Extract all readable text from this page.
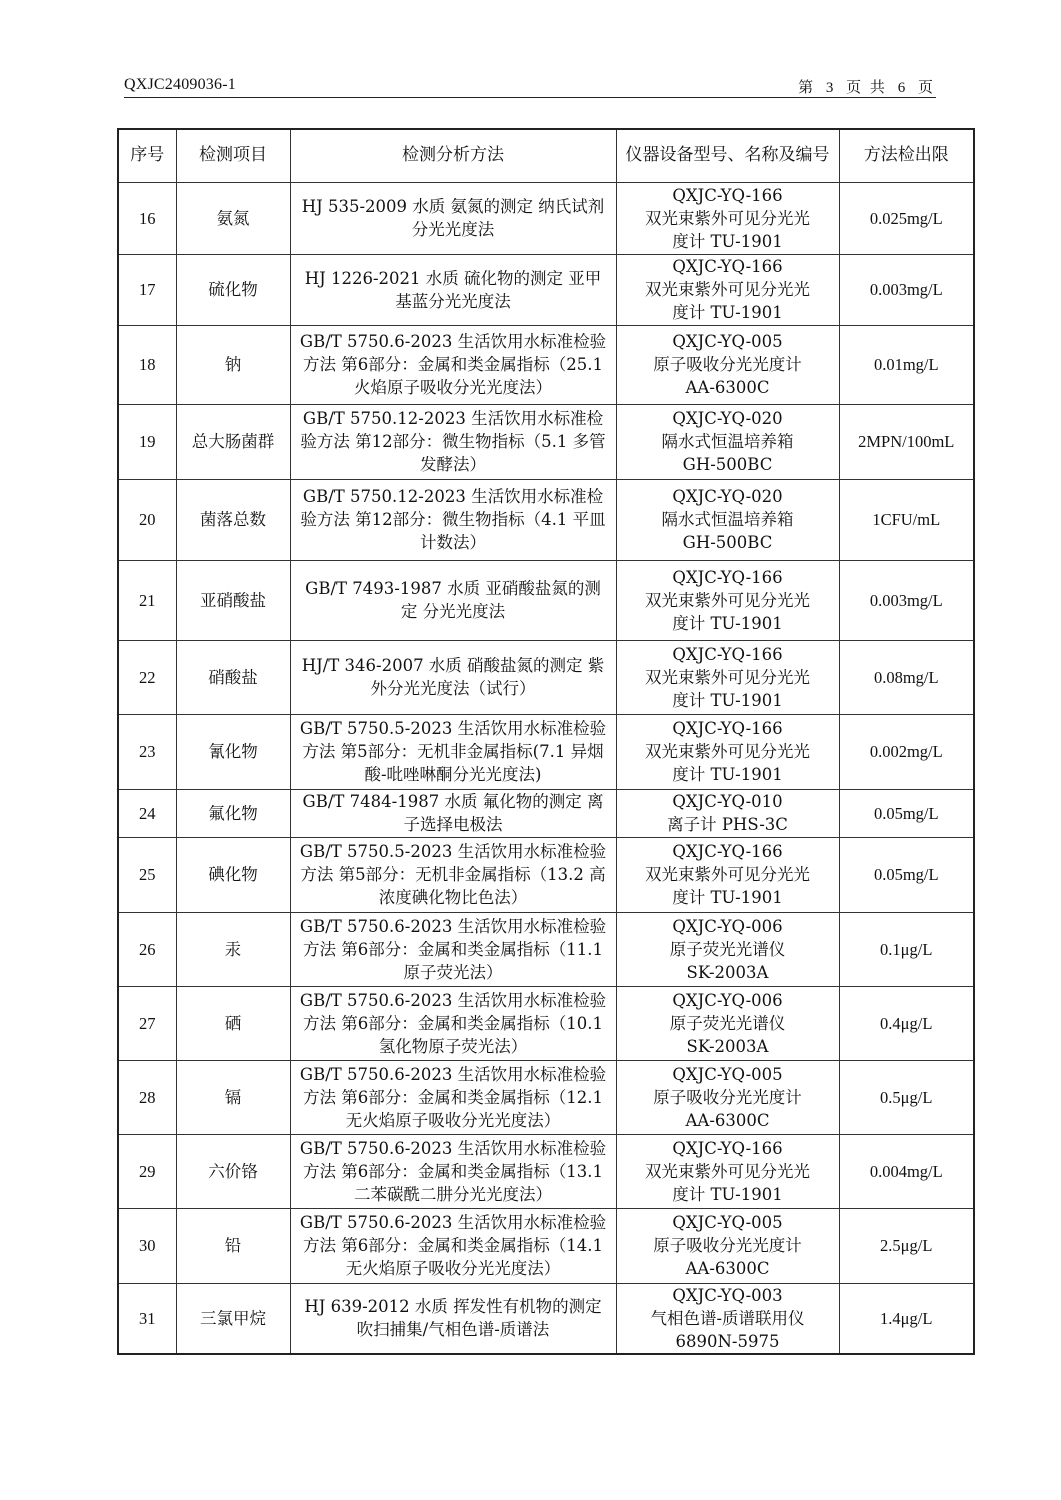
QXJC2409036-1	第 3 页 共 6 页
序号	检测项目	检测分析方法	仪器设备型号、名称及编号	方法检出限
16	氨氮	HJ 535-2009 水质 氨氮的测定 纳氏试剂分光光度法	QXJC-YQ-166
双光束紫外可见分光光
度计 TU-1901	0.025mg/L
17	硫化物	HJ 1226-2021 水质 硫化物的测定 亚甲基蓝分光光度法	QXJC-YQ-166
双光束紫外可见分光光
度计 TU-1901	0.003mg/L
18	钠	GB/T 5750.6-2023 生活饮用水标准检验方法 第6部分：金属和类金属指标（25.1 火焰原子吸收分光光度法）	QXJC-YQ-005
原子吸收分光光度计
AA-6300C	0.01mg/L
19	总大肠菌群	GB/T 5750.12-2023 生活饮用水标准检验方法 第12部分：微生物指标（5.1 多管发酵法）	QXJC-YQ-020
隔水式恒温培养箱
GH-500BC	2MPN/100mL
20	菌落总数	GB/T 5750.12-2023 生活饮用水标准检验方法 第12部分：微生物指标（4.1 平皿计数法）	QXJC-YQ-020
隔水式恒温培养箱
GH-500BC	1CFU/mL
21	亚硝酸盐	GB/T 7493-1987 水质 亚硝酸盐氮的测定 分光光度法	QXJC-YQ-166
双光束紫外可见分光光
度计 TU-1901	0.003mg/L
22	硝酸盐	HJ/T 346-2007 水质 硝酸盐氮的测定 紫外分光光度法（试行）	QXJC-YQ-166
双光束紫外可见分光光
度计 TU-1901	0.08mg/L
23	氰化物	GB/T 5750.5-2023 生活饮用水标准检验方法 第5部分：无机非金属指标(7.1 异烟酸-吡唑啉酮分光光度法)	QXJC-YQ-166
双光束紫外可见分光光
度计 TU-1901	0.002mg/L
24	氟化物	GB/T 7484-1987 水质 氟化物的测定 离子选择电极法	QXJC-YQ-010
离子计 PHS-3C	0.05mg/L
25	碘化物	GB/T 5750.5-2023 生活饮用水标准检验方法 第5部分：无机非金属指标（13.2 高浓度碘化物比色法）	QXJC-YQ-166
双光束紫外可见分光光
度计 TU-1901	0.05mg/L
26	汞	GB/T 5750.6-2023 生活饮用水标准检验方法 第6部分：金属和类金属指标（11.1 原子荧光法）	QXJC-YQ-006
原子荧光光谱仪
SK-2003A	0.1μg/L
27	硒	GB/T 5750.6-2023 生活饮用水标准检验方法 第6部分：金属和类金属指标（10.1 氢化物原子荧光法）	QXJC-YQ-006
原子荧光光谱仪
SK-2003A	0.4μg/L
28	镉	GB/T 5750.6-2023 生活饮用水标准检验方法 第6部分：金属和类金属指标（12.1 无火焰原子吸收分光光度法）	QXJC-YQ-005
原子吸收分光光度计
AA-6300C	0.5μg/L
29	六价铬	GB/T 5750.6-2023 生活饮用水标准检验方法 第6部分：金属和类金属指标（13.1 二苯碳酰二肼分光光度法）	QXJC-YQ-166
双光束紫外可见分光光
度计 TU-1901	0.004mg/L
30	铅	GB/T 5750.6-2023 生活饮用水标准检验方法 第6部分：金属和类金属指标（14.1 无火焰原子吸收分光光度法）	QXJC-YQ-005
原子吸收分光光度计
AA-6300C	2.5μg/L
31	三氯甲烷	HJ 639-2012 水质 挥发性有机物的测定 吹扫捕集/气相色谱-质谱法	QXJC-YQ-003
气相色谱-质谱联用仪
6890N-5975	1.4μg/L
